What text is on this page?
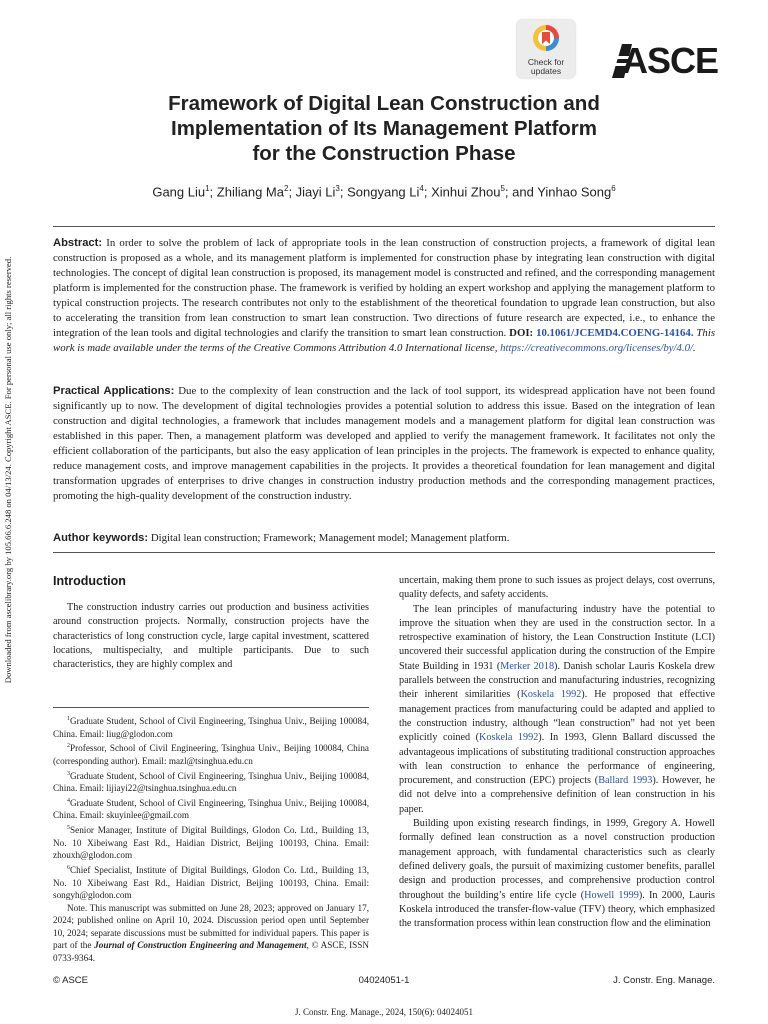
Downloaded from ascelibrary.org by 105.66.6.248 on 04/13/24. Copyright ASCE. For personal use only; all rights reserved.
Check for
updates	ASCE
Framework of Digital Lean Construction and
Implementation of Its Management Platform
for the Construction Phase
Gang Liu$^1$; Zhiliang Ma$^2$; Jiayi Li$^3$; Songyang Li$^4$; Xinhui Zhou$^5$; and Yinhao Song$^6$
Abstract: In order to solve the problem of lack of appropriate tools in the lean construction of construction projects, a framework of digital lean construction is proposed as a whole, and its management platform is implemented for construction phase by integrating lean construction with digital technologies. The concept of digital lean construction is proposed, its management model is constructed and refined, and the corresponding management platform is implemented for the construction phase. The framework is verified by holding an expert workshop and applying the management platform to typical construction projects. The research contributes not only to the establishment of the theoretical foundation to upgrade lean construction, but also to accelerating the transition from lean construction to smart lean construction. Two directions of future research are expected, i.e., to enhance the integration of the lean tools and digital technologies and clarify the transition to smart lean construction. DOI: 10.1061/JCEMD4.COENG-14164. This work is made available under the terms of the Creative Commons Attribution 4.0 International license, https://creativecommons.org/licenses/by/4.0/.
Practical Applications: Due to the complexity of lean construction and the lack of tool support, its widespread application have not been found significantly up to now. The development of digital technologies provides a potential solution to address this issue. Based on the integration of lean construction and digital technologies, a framework that includes management models and a management platform for digital lean construction was established in this paper. Then, a management platform was developed and applied to verify the management framework. It facilitates not only the efficient collaboration of the participants, but also the easy application of lean principles in the projects. The framework is expected to enhance quality, reduce management costs, and improve management capabilities in the projects. It provides a theoretical foundation for lean management and digital transformation upgrades of enterprises to drive changes in construction industry production methods and the corresponding management practices, promoting the high-quality development of the construction industry.
Author keywords: Digital lean construction; Framework; Management model; Management platform.
Introduction
The construction industry carries out production and business activities around construction projects. Normally, construction projects have the characteristics of long construction cycle, large capital investment, scattered locations, multispecialty, and multiple participants. Due to such characteristics, they are highly complex and

$^1$Graduate Student, School of Civil Engineering, Tsinghua Univ., Beijing 100084, China. Email: liug@glodon.com

$^2$Professor, School of Civil Engineering, Tsinghua Univ., Beijing 100084, China (corresponding author). Email: mazl@tsinghua.edu.cn

$^3$Graduate Student, School of Civil Engineering, Tsinghua Univ., Beijing 100084, China. Email: lijiayi22@tsinghua.tsinghua.edu.cn

$^4$Graduate Student, School of Civil Engineering, Tsinghua Univ., Beijing 100084, China. Email: skuyinlee@gmail.com

$^5$Senior Manager, Institute of Digital Buildings, Glodon Co. Ltd., Building 13, No. 10 Xibeiwang East Rd., Haidian District, Beijing 100193, China. Email: zhouxh@glodon.com

$^6$Chief Specialist, Institute of Digital Buildings, Glodon Co. Ltd., Building 13, No. 10 Xibeiwang East Rd., Haidian District, Beijing 100193, China. Email: songyh@glodon.com

Note. This manuscript was submitted on June 28, 2023; approved on January 17, 2024; published online on April 10, 2024. Discussion period open until September 10, 2024; separate discussions must be submitted for individual papers. This paper is part of the Journal of Construction Engineering and Management, © ASCE, ISSN 0733-9364.

uncertain, making them prone to such issues as project delays, cost overruns, quality defects, and safety accidents.

The lean principles of manufacturing industry have the potential to improve the situation when they are used in the construction sector. In a retrospective examination of history, the Lean Construction Institute (LCI) uncovered their successful application during the construction of the Empire State Building in 1931 (Merker 2018). Danish scholar Lauris Koskela drew parallels between the construction and manufacturing industries, recognizing their inherent similarities (Koskela 1992). He proposed that effective management practices from manufacturing could be adapted and applied to the construction industry, although “lean construction” had not yet been explicitly coined (Koskela 1992). In 1993, Glenn Ballard discussed the advantageous implications of substituting traditional construction approaches with lean construction to enhance the performance of engineering, procurement, and construction (EPC) projects (Ballard 1993). However, he did not delve into a comprehensive definition of lean construction in his paper.

Building upon existing research findings, in 1999, Gregory A. Howell formally defined lean construction as a novel construction production management approach, with fundamental characteristics such as clearly defined delivery goals, the pursuit of maximizing customer benefits, parallel design and production processes, and comprehensive production control throughout the building’s entire life cycle (Howell 1999). In 2000, Lauris Koskela introduced the transfer-flow-value (TFV) theory, which emphasized the transformation process within lean construction flow and the elimination

© ASCE	04024051-1	J. Constr. Eng. Manage.
J. Constr. Eng. Manage., 2024, 150(6): 04024051
